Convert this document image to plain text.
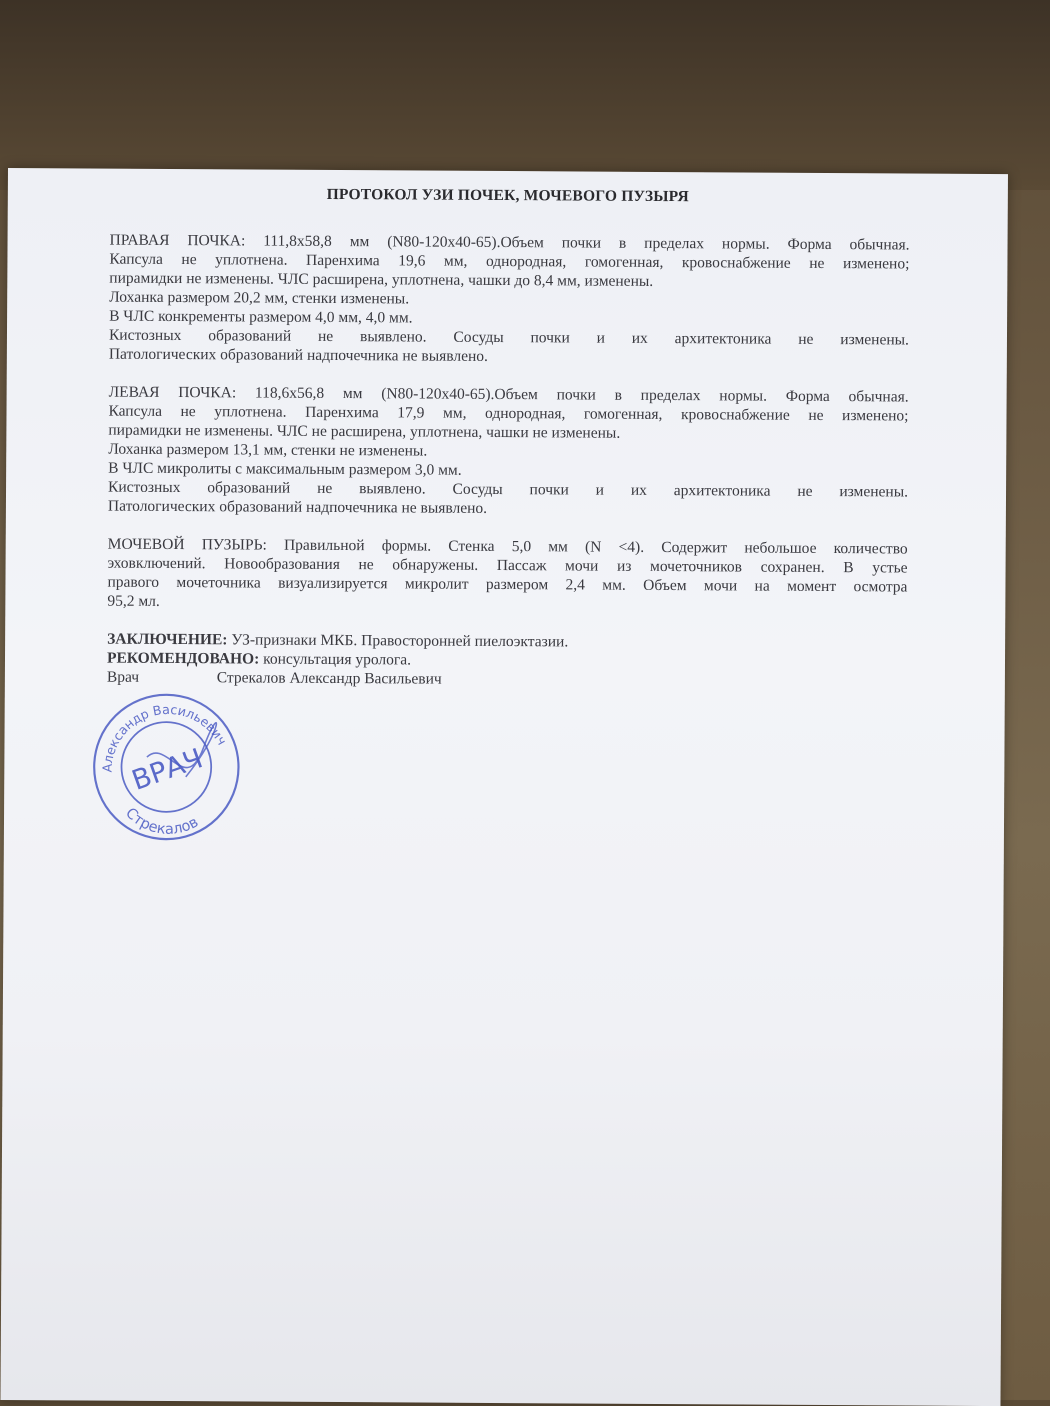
ПРОТОКОЛ УЗИ ПОЧЕК, МОЧЕВОГО ПУЗЫРЯ
ПРАВАЯ ПОЧКА: 111,8x58,8 мм (N80-120x40-65).Объем почки в пределах нормы. Форма обычная.
Капсула не уплотнена. Паренхима 19,6 мм, однородная, гомогенная, кровоснабжение не изменено;
пирамидки не изменены. ЧЛС расширена, уплотнена, чашки до 8,4 мм, изменены.
Лоханка размером 20,2 мм, стенки изменены.
В ЧЛС конкременты размером 4,0 мм, 4,0 мм.
Кистозных образований не выявлено. Сосуды почки и их архитектоника не изменены.
Патологических образований надпочечника не выявлено.
ЛЕВАЯ ПОЧКА: 118,6x56,8 мм (N80-120x40-65).Объем почки в пределах нормы. Форма обычная.
Капсула не уплотнена. Паренхима 17,9 мм, однородная, гомогенная, кровоснабжение не изменено;
пирамидки не изменены. ЧЛС не расширена, уплотнена, чашки не изменены.
Лоханка размером 13,1 мм, стенки не изменены.
В ЧЛС микролиты с максимальным размером 3,0 мм.
Кистозных образований не выявлено. Сосуды почки и их архитектоника не изменены.
Патологических образований надпочечника не выявлено.
МОЧЕВОЙ ПУЗЫРЬ: Правильной формы. Стенка 5,0 мм (N <4). Содержит небольшое количество
эховключений. Новообразования не обнаружены. Пассаж мочи из мочеточников сохранен. В устье
правого мочеточника визуализируется микролит размером 2,4 мм. Объем мочи на момент осмотра
95,2 мл.
ЗАКЛЮЧЕНИЕ: УЗ-признаки МКБ. Правосторонней пиелоэктазии.
РЕКОМЕНДОВАНО: консультация уролога.
Врач	Стрекалов Александр Васильевич
Александр Васильевич
Стрекалов
ВРАЧ
